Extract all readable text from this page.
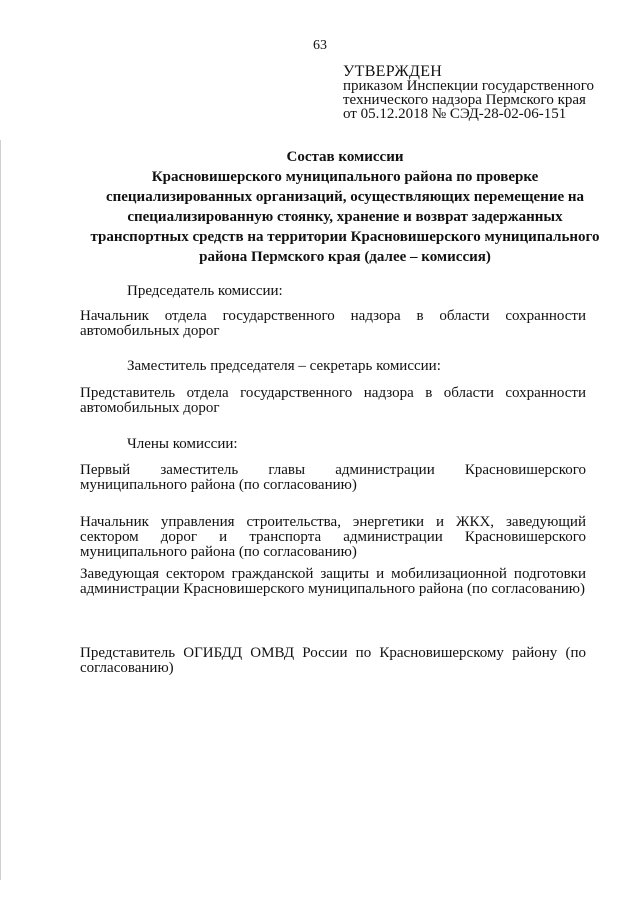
63
УТВЕРЖДЕН
приказом Инспекции государственного
технического надзора Пермского края
от 05.12.2018 № СЭД-28-02-06-151
Состав комиссии
Красновишерского муниципального района по проверке
специализированных организаций, осуществляющих перемещение на
специализированную стоянку, хранение и возврат задержанных
транспортных средств на территории Красновишерского муниципального
района Пермского края (далее – комиссия)
Председатель комиссии:
Начальник отдела государственного надзора в области сохранности автомобильных дорог
Заместитель председателя – секретарь комиссии:
Представитель отдела государственного надзора в области сохранности автомобильных дорог
Члены комиссии:
Первый заместитель главы администрации Красновишерского муниципального района (по согласованию)
Начальник управления строительства, энергетики и ЖКХ, заведующий сектором дорог и транспорта администрации Красновишерского муниципального района (по согласованию)
Заведующая сектором гражданской защиты и мобилизационной подготовки администрации Красновишерского муниципального района (по согласованию)
Представитель ОГИБДД ОМВД России по Красновишерскому району (по согласованию)
